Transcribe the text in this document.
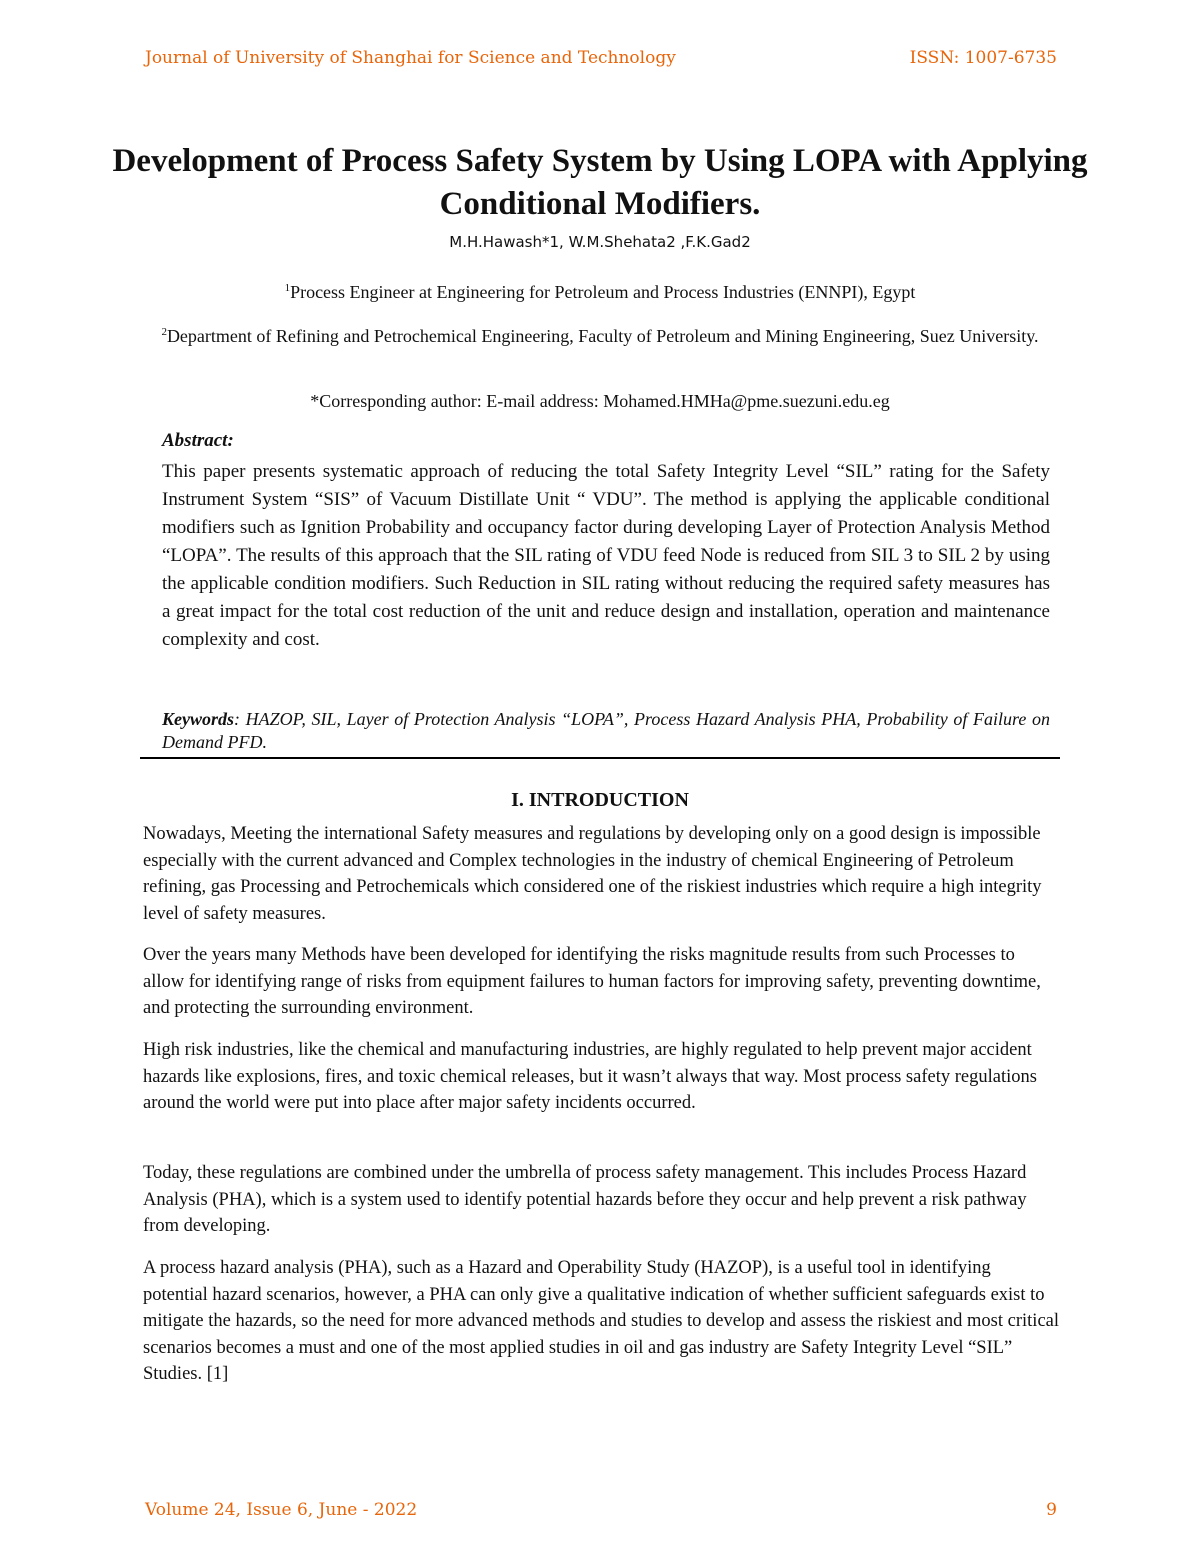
Journal of University of Shanghai for Science and Technology	ISSN: 1007-6735
Development of Process Safety System by Using LOPA with Applying Conditional Modifiers.
M.H.Hawash*1, W.M.Shehata2 ,F.K.Gad2
$^1$Process Engineer at Engineering for Petroleum and Process Industries (ENNPI), Egypt
$^2$Department of Refining and Petrochemical Engineering, Faculty of Petroleum and Mining Engineering, Suez University.
*Corresponding author: E-mail address: Mohamed.HMHa@pme.suezuni.edu.eg
Abstract:
This paper presents systematic approach of reducing the total Safety Integrity Level “SIL” rating for the Safety Instrument System “SIS” of Vacuum Distillate Unit “ VDU”. The method is applying the applicable conditional modifiers such as Ignition Probability and occupancy factor during developing Layer of Protection Analysis Method “LOPA”. The results of this approach that the SIL rating of VDU feed Node is reduced from SIL 3 to SIL 2 by using the applicable condition modifiers. Such Reduction in SIL rating without reducing the required safety measures has a great impact for the total cost reduction of the unit and reduce design and installation, operation and maintenance complexity and cost.
Keywords: HAZOP, SIL, Layer of Protection Analysis “LOPA”, Process Hazard Analysis PHA, Probability of Failure on Demand PFD.
I. INTRODUCTION
Nowadays, Meeting the international Safety measures and regulations by developing only on a good design is impossible especially with the current advanced and Complex technologies in the industry of chemical Engineering of Petroleum refining, gas Processing and Petrochemicals which considered one of the riskiest industries which require a high integrity level of safety measures.
Over the years many Methods have been developed for identifying the risks magnitude results from such Processes to allow for identifying range of risks from equipment failures to human factors for improving safety, preventing downtime, and protecting the surrounding environment.
High risk industries, like the chemical and manufacturing industries, are highly regulated to help prevent major accident hazards like explosions, fires, and toxic chemical releases, but it wasn’t always that way. Most process safety regulations around the world were put into place after major safety incidents occurred.
Today, these regulations are combined under the umbrella of process safety management. This includes Process Hazard Analysis (PHA), which is a system used to identify potential hazards before they occur and help prevent a risk pathway from developing.
A process hazard analysis (PHA), such as a Hazard and Operability Study (HAZOP), is a useful tool in identifying potential hazard scenarios, however, a PHA can only give a qualitative indication of whether sufficient safeguards exist to mitigate the hazards, so the need for more advanced methods and studies to develop and assess the riskiest and most critical scenarios becomes a must and one of the most applied studies in oil and gas industry are Safety Integrity Level “SIL” Studies. [1]
Volume 24, Issue 6, June - 2022	9
